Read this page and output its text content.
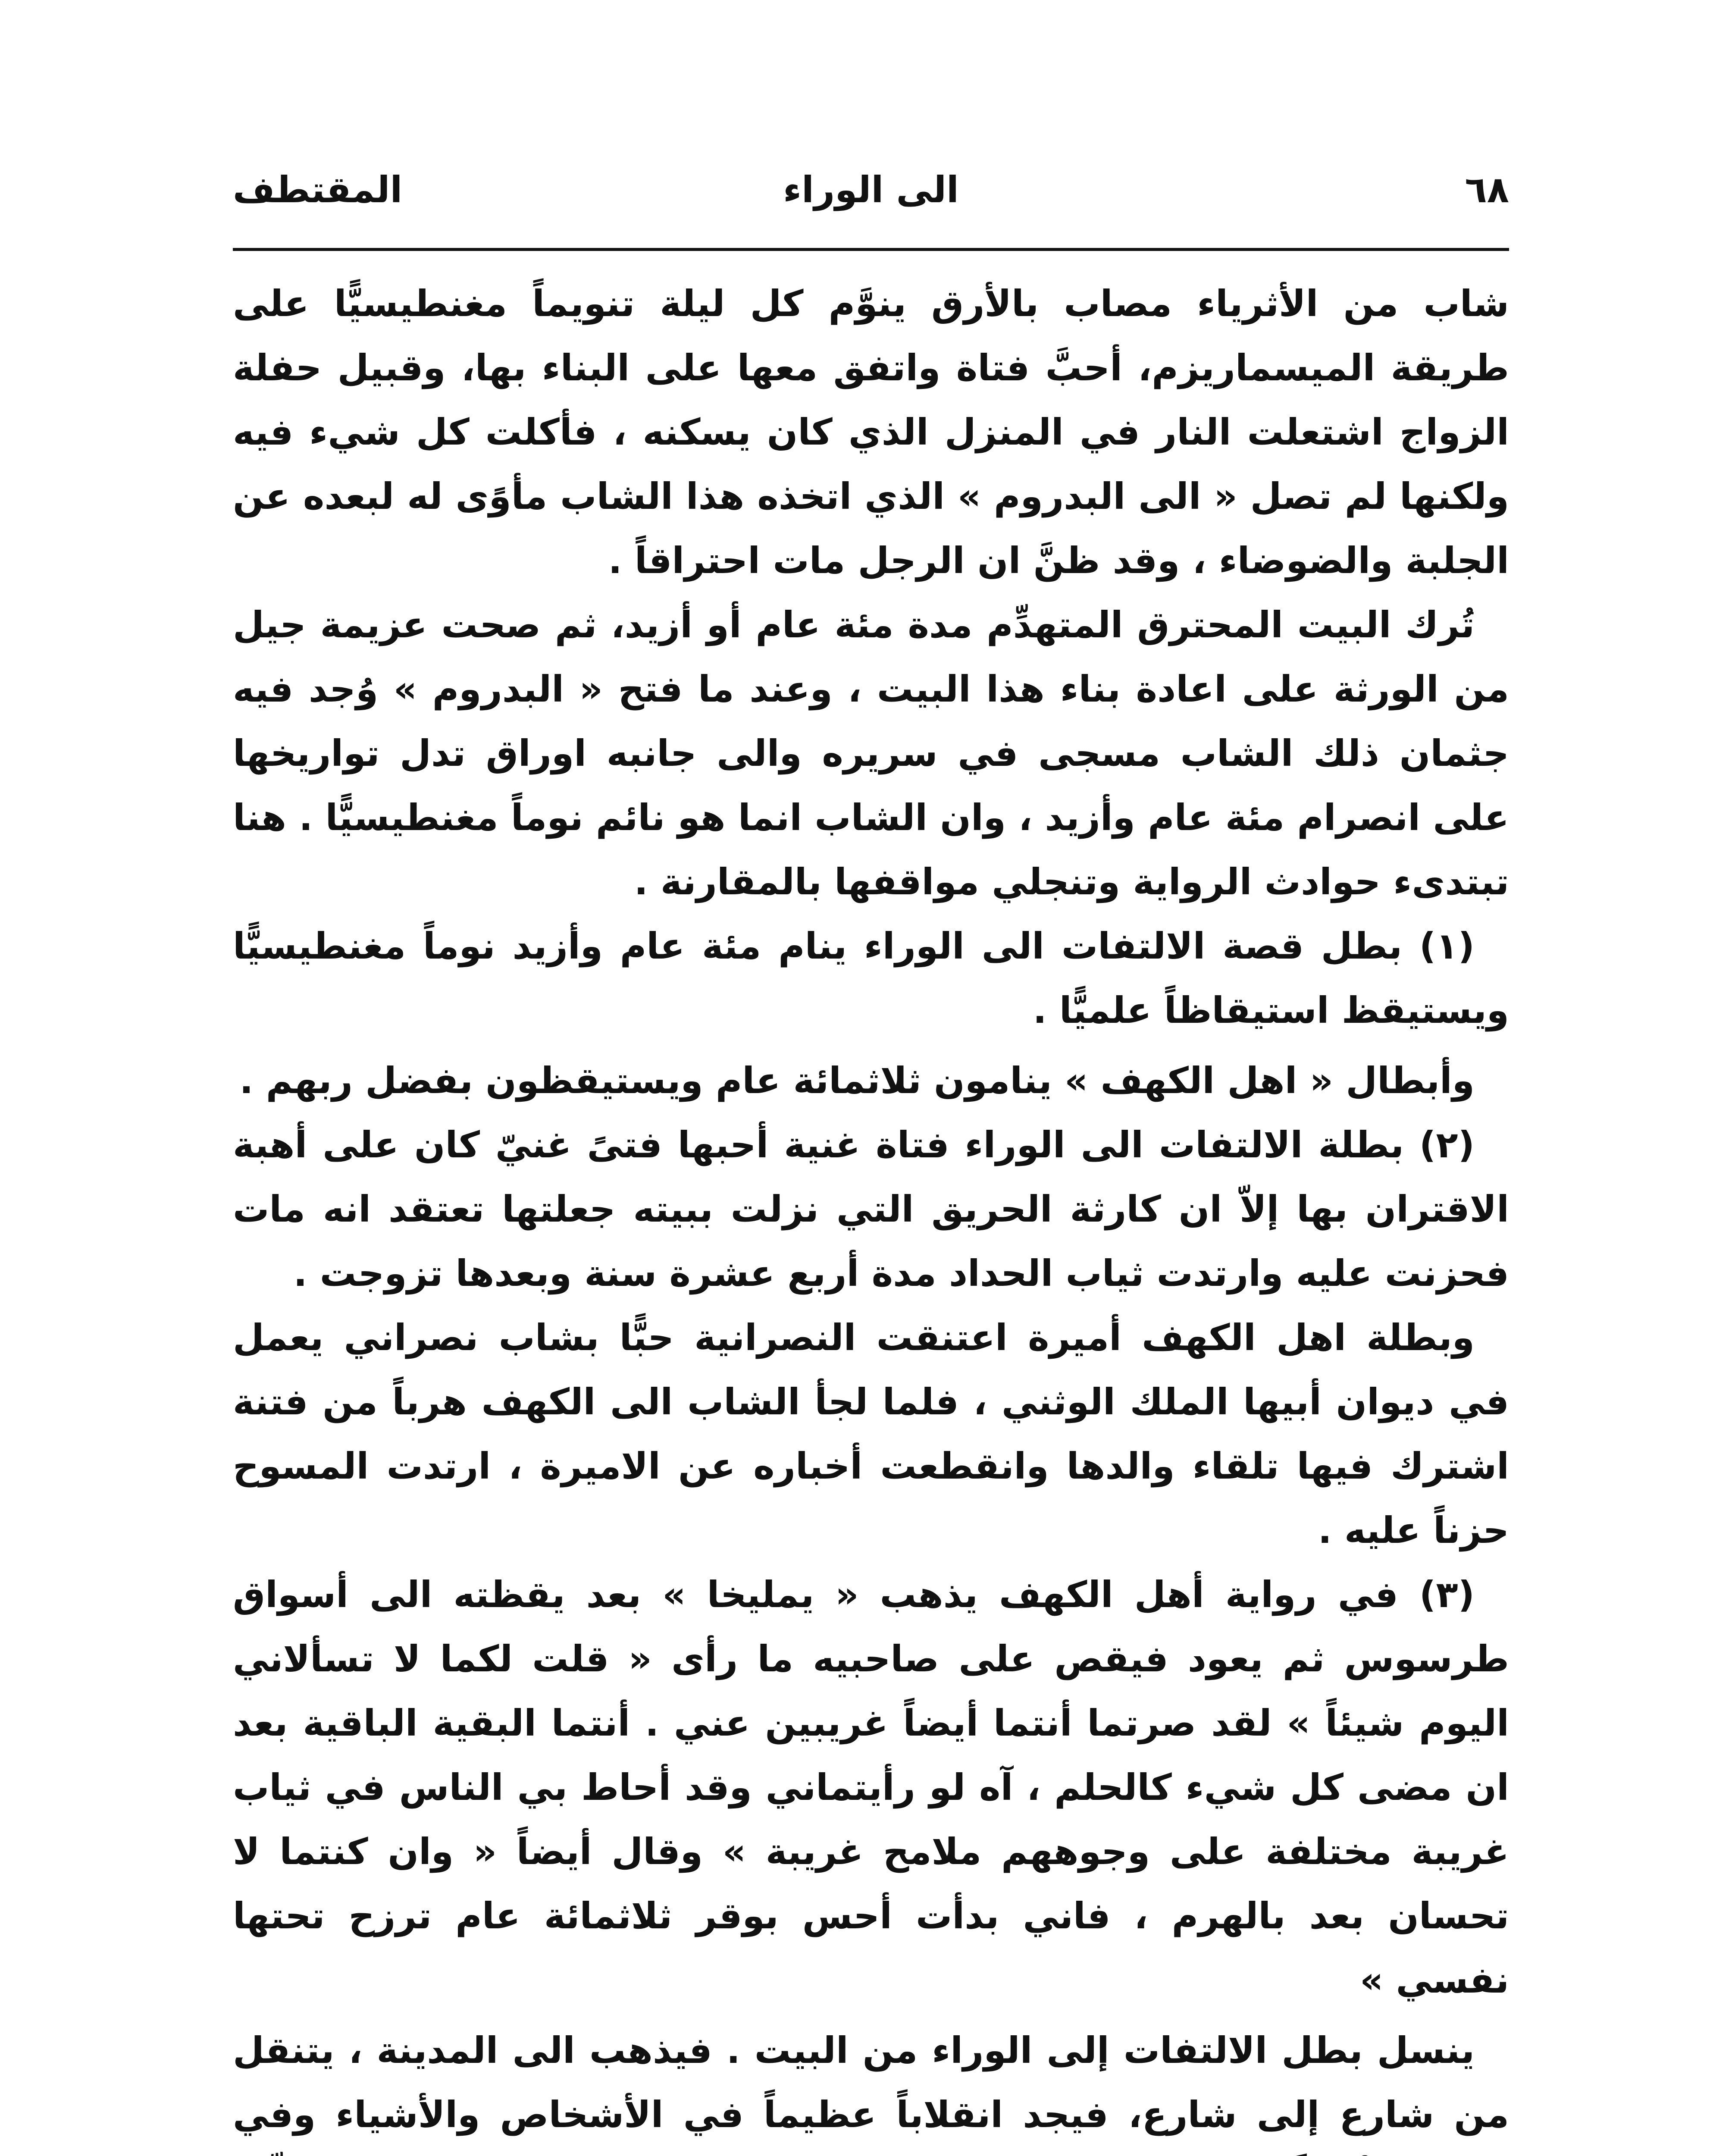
٦٨
الى الوراء
المقتطف

شاب من الأثرياء مصاب بالأرق ينوَّم كل ليلة تنويماً مغنطيسيًّا على طريقة الميسماريزم، أحبَّ فتاة واتفق معها على البناء بها، وقبيل حفلة الزواج اشتعلت النار في المنزل الذي كان يسكنه ، فأكلت كل شيء فيه ولكنها لم تصل « الى البدروم » الذي اتخذه هذا الشاب مأوًى له لبعده عن الجلبة والضوضاء ، وقد ظنَّ ان الرجل مات احتراقاً .

تُرك البيت المحترق المتهدِّم مدة مئة عام أو أزيد، ثم صحت عزيمة جيل من الورثة على اعادة بناء هذا البيت ، وعند ما فتح « البدروم » وُجد فيه جثمان ذلك الشاب مسجى في سريره والى جانبه اوراق تدل تواريخها على انصرام مئة عام وأزيد ، وان الشاب انما هو نائم نوماً مغنطيسيًّا . هنا تبتدىء حوادث الرواية وتنجلي مواقفها بالمقارنة .

(١) بطل قصة الالتفات الى الوراء ينام مئة عام وأزيد نوماً مغنطيسيًّا ويستيقظ استيقاظاً علميًّا .

وأبطال « اهل الكهف » ينامون ثلاثمائة عام ويستيقظون بفضل ربهم .

(٢) بطلة الالتفات الى الوراء فتاة غنية أحبها فتىً غنيّ كان على أهبة الاقتران بها إلاّ ان كارثة الحريق التي نزلت ببيته جعلتها تعتقد انه مات فحزنت عليه وارتدت ثياب الحداد مدة أربع عشرة سنة وبعدها تزوجت .

وبطلة اهل الكهف أميرة اعتنقت النصرانية حبًّا بشاب نصراني يعمل في ديوان أبيها الملك الوثني ، فلما لجأ الشاب الى الكهف هرباً من فتنة اشترك فيها تلقاء والدها وانقطعت أخباره عن الاميرة ، ارتدت المسوح حزناً عليه .

(٣) في رواية أهل الكهف يذهب « يمليخا » بعد يقظته الى أسواق طرسوس ثم يعود فيقص على صاحبيه ما رأى « قلت لكما لا تسألاني اليوم شيئاً » لقد صرتما أنتما أيضاً غريبين عني . أنتما البقية الباقية بعد ان مضى كل شيء كالحلم ، آه لو رأيتماني وقد أحاط بي الناس في ثياب غريبة مختلفة على وجوههم ملامح غريبة » وقال أيضاً « وان كنتما لا تحسان بعد بالهرم ، فاني بدأت أحس بوقر ثلاثمائة عام ترزح تحتها نفسي »

ينسل بطل الالتفات إلى الوراء من البيت . فيذهب الى المدينة ، يتنقل من شارع إلى شارع، فيجد انقلاباً عظيماً في الأشخاص والأشياء وفي
